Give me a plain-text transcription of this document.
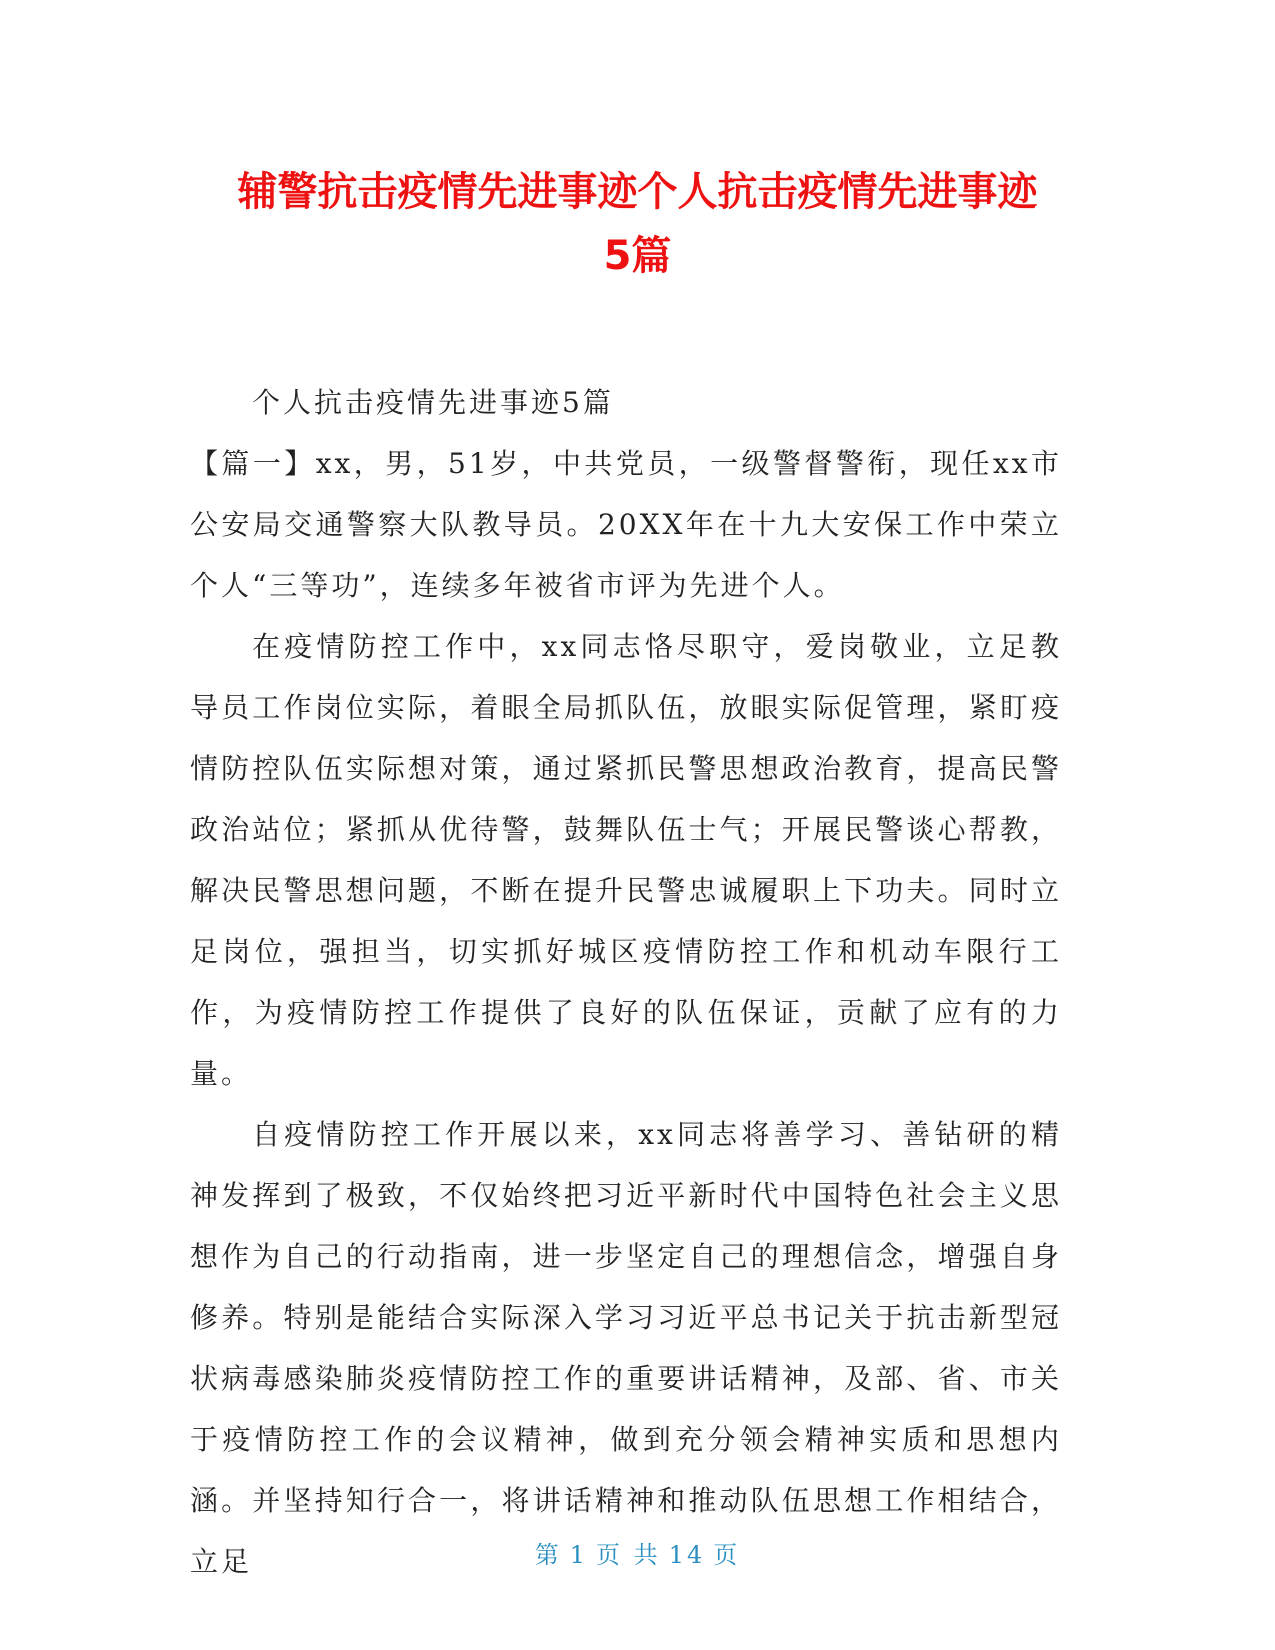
辅警抗击疫情先进事迹个人抗击疫情先进事迹
5篇

个人抗击疫情先进事迹5篇

【篇一】xx，男，51岁，中共党员，一级警督警衔，现任xx市公安局交通警察大队教导员。20XX年在十九大安保工作中荣立个人“三等功”，连续多年被省市评为先进个人。

在疫情防控工作中，xx同志恪尽职守，爱岗敬业，立足教导员工作岗位实际，着眼全局抓队伍，放眼实际促管理，紧盯疫情防控队伍实际想对策，通过紧抓民警思想政治教育，提高民警政治站位；紧抓从优待警，鼓舞队伍士气；开展民警谈心帮教，解决民警思想问题，不断在提升民警忠诚履职上下功夫。同时立足岗位，强担当，切实抓好城区疫情防控工作和机动车限行工作，为疫情防控工作提供了良好的队伍保证，贡献了应有的力量。

自疫情防控工作开展以来，xx同志将善学习、善钻研的精神发挥到了极致，不仅始终把习近平新时代中国特色社会主义思想作为自己的行动指南，进一步坚定自己的理想信念，增强自身修养。特别是能结合实际深入学习习近平总书记关于抗击新型冠状病毒感染肺炎疫情防控工作的重要讲话精神，及部、省、市关于疫情防控工作的会议精神，做到充分领会精神实质和思想内涵。并坚持知行合一，将讲话精神和推动队伍思想工作相结合，立足	第 1 页 共 14 页
